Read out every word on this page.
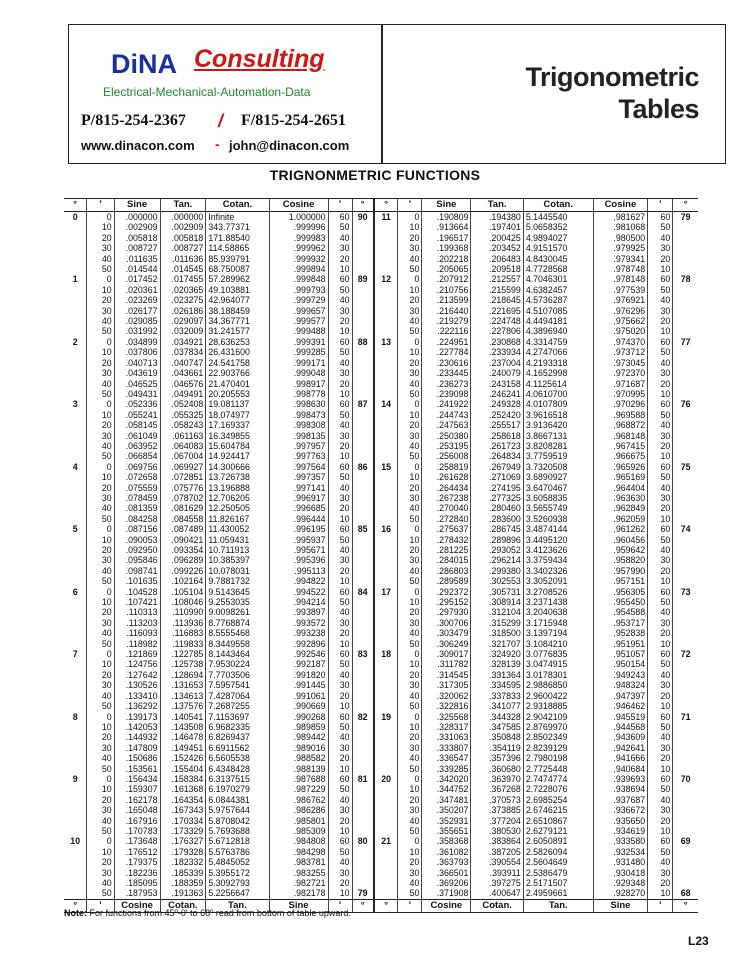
DiNA Consulting
Electrical-Mechanical-Automation-Data
P/815-254-2367 / F/815-254-2651
www.dinacon.com - john@dinacon.com
Trigonometric
Tables
TRIGNONMETRIC FUNCTIONS
°	'	Sine	Tan.	Cotan.	Cosine	'	°	°	'	Sine	Tan.	Cotan.	Cosine	'	°
0	0	.000000	.000000	Infinite	1.000000	60	90	11	0	.190809	.194380	5.1445540	.981627	60	79
	10	.002909	.002909	343.77371	.999996	50			10	.913664	.197401	5.0658352	.981068	50	
	20	.005818	.005818	171.88540	.999983	40			20	.196517	.200425	4.9894027	.980500	40	
	30	.008727	.008727	114.58865	.999962	30			30	.199368	.203452	4.9151570	.979925	30	
	40	.011635	.011636	85.939791	.999932	20			40	.202218	.206483	4.8430045	.979341	20	
	50	.014544	.014545	68.750087	.999894	10			50	.205065	.209518	4.7728568	.978748	10	
1	0	.017452	.017455	57.289962	.999848	60	89	12	0	.207912	.212557	4.7046301	.978148	60	78
	10	.020361	.020365	49.103881	.999793	50			10	.210756	.215599	4.6382457	.977539	50	
	20	.023269	.023275	42.964077	.999729	40			20	.213599	.218645	4.5736287	.976921	40	
	30	.026177	.026186	38.188459	.999657	30			30	.216440	.221695	4.5107085	.976296	30	
	40	.029085	.029097	34.367771	.999577	20			40	.219279	.224748	4.4494181	.975662	20	
	50	.031992	.032009	31.241577	.999488	10			50	.222116	.227806	4.3896940	.975020	10	
2	0	.034899	.034921	28.636253	.999391	60	88	13	0	.224951	.230868	4.3314759	.974370	60	77
	10	.037806	.037834	26.431600	.999285	50			10	.227784	.233934	4.2747066	.973712	50	
	20	.040713	.040747	24.541758	.999171	40			20	.230616	.237004	4.2193318	.973045	40	
	30	.043619	.043661	22.903766	.999048	30			30	.233445	.240079	4.1652998	.972370	30	
	40	.046525	.046576	21.470401	.998917	20			40	.236273	.243158	4.1125614	.971687	20	
	50	.049431	.049491	20.205553	.998778	10			50	.239098	.246241	4.0610700	.970995	10	
3	0	.052336	.052408	19.081137	.998630	60	87	14	0	.241922	.249328	4.0107809	.970296	60	76
	10	.055241	.055325	18.074977	.998473	50			10	.244743	.252420	3.9616518	.969588	50	
	20	.058145	.058243	17.169337	.998308	40			20	.247563	.255517	3.9136420	.968872	40	
	30	.061049	.061163	16.349855	.998135	30			30	.250380	.258618	3.8667131	.968148	30	
	40	.063952	.064083	15.604784	.997957	20			40	.253195	.261723	3.8208281	.967415	20	
	50	.066854	.067004	14.924417	.997763	10			50	.256008	.264834	3.7759519	.966675	10	
4	0	.069756	.069927	14.300666	.997564	60	86	15	0	.258819	.267949	3.7320508	.965926	60	75
	10	.072658	.072851	13.726738	.997357	50			10	.261628	.271069	3.6890927	.965169	50	
	20	.075559	.075776	13.196888	.997141	40			20	.264434	.274195	3.6470467	.964404	40	
	30	.078459	.078702	12.706205	.996917	30			30	.267238	.277325	3.6058835	.963630	30	
	40	.081359	.081629	12.250505	.996685	20			40	.270040	.280460	3.5655749	.962849	20	
	50	.084258	.084558	11.826167	.996444	10			50	.272840	.283600	3.5260938	.962059	10	
5	0	.087156	.087489	11.430052	.996195	60	85	16	0	.275637	.286745	3.4874144	.961262	60	74
	10	.090053	.090421	11.059431	.995937	50			10	.278432	.289896	3.4495120	.960456	50	
	20	.092950	.093354	10.711913	.995671	40			20	.281225	.293052	3.4123626	.959642	40	
	30	.095846	.096289	10.385397	.995396	30			30	.284015	.296214	3.3759434	.958820	30	
	40	.098741	.099226	10.078031	.995113	20			40	.286803	.299380	3.3402326	.957990	20	
	50	.101635	.102164	9.7881732	.994822	10			50	.289589	.302553	3.3052091	.957151	10	
6	0	.104528	.105104	9.5143645	.994522	60	84	17	0	.292372	.305731	3.2708526	.956305	60	73
	10	.107421	.108046	9.2553035	.994214	50			10	.295152	.308914	3.2371438	.955450	50	
	20	.110313	.110990	9.0098261	.993897	40			20	.297930	.312104	3.2040638	.954588	40	
	30	.113203	.113936	8.7768874	.993572	30			30	.300706	.315299	3.1715948	.953717	30	
	40	.116093	.116883	8.5555468	.993238	20			40	.303479	.318500	3.1397194	.952838	20	
	50	.118982	.119833	8.3449558	.992896	10			50	.306249	.321707	3.1084210	.951951	10	
7	0	.121869	.122785	8.1443464	.992546	60	83	18	0	.309017	.324920	3.0776835	.951057	60	72
	10	.124756	.125738	7.9530224	.992187	50			10	.311782	.328139	3.0474915	.950154	50	
	20	.127642	.128694	7.7703506	.991820	40			20	.314545	.331364	3.0178301	.949243	40	
	30	.130526	.131653	7.5957541	.991445	30			30	.317305	.334595	2.9886850	.948324	30	
	40	.133410	.134613	7.4287064	.991061	20			40	.320062	.337833	2.9600422	.947397	20	
	50	.136292	.137576	7.2687255	.990669	10			50	.322816	.341077	2.9318885	.946462	10	
8	0	.139173	.140541	7.1153697	.990268	60	82	19	0	.325568	.344328	2.9042109	.945519	60	71
	10	.142053	.143508	6.9682335	.989859	50			10	.328317	.347585	2.8769970	.944568	50	
	20	.144932	.146478	6.8269437	.989442	40			20	.331063	.350848	2.8502349	.943609	40	
	30	.147809	.149451	6.6911562	.989016	30			30	.333807	.354119	2.8239129	.942641	30	
	40	.150686	.152426	6.5605538	.988582	20			40	.336547	.357396	2.7980198	.941666	20	
	50	.153561	.155404	6.4348428	.988139	10			50	.339285	.360680	2.7725448	.940684	10	
9	0	.156434	.158384	6.3137515	.987688	60	81	20	0	.342020	.363970	2.7474774	.939693	60	70
	10	.159307	.161368	6.1970279	.987229	50			10	.344752	.367268	2.7228076	.938694	50	
	20	.162178	.164354	6.0844381	.986762	40			20	.347481	.370573	2.6985254	.937687	40	
	30	.165048	.167343	5.9757644	.986286	30			30	.350207	.373885	2.6746215	.936672	30	
	40	.167916	.170334	5.8708042	.985801	20			40	.352931	.377204	2.6510867	.935650	20	
	50	.170783	.173329	5.7693688	.985309	10			50	.355651	.380530	2.6279121	.934619	10	
10	0	.173648	.176327	5.6712818	.984808	60	80	21	0	.358368	.383864	2.6050891	.933580	60	69
	10	.176512	.179328	5.5763786	.984298	50			10	.361082	.387205	2.5826094	.932534	50	
	20	.179375	.182332	5.4845052	.983781	40			20	.363793	.390554	2.5604649	.931480	40	
	30	.182236	.185339	5.3955172	.983255	30			30	.366501	.393911	2.5386479	.930418	30	
	40	.185095	.188359	5.3092793	.982721	20			40	.369206	.397275	2.5171507	.929348	20	
	50	.187953	.191363	5.2256647	.982178	10	79		50	.371908	.400647	2.4959661	.928270	10	68
°	'	Cosine	Cotan.	Tan.	Sine	'	°	°	'	Cosine	Cotan.	Tan.	Sine	'	°
Note: For functions from 45º-0' to 68º read from bottom of table upward.
L23
